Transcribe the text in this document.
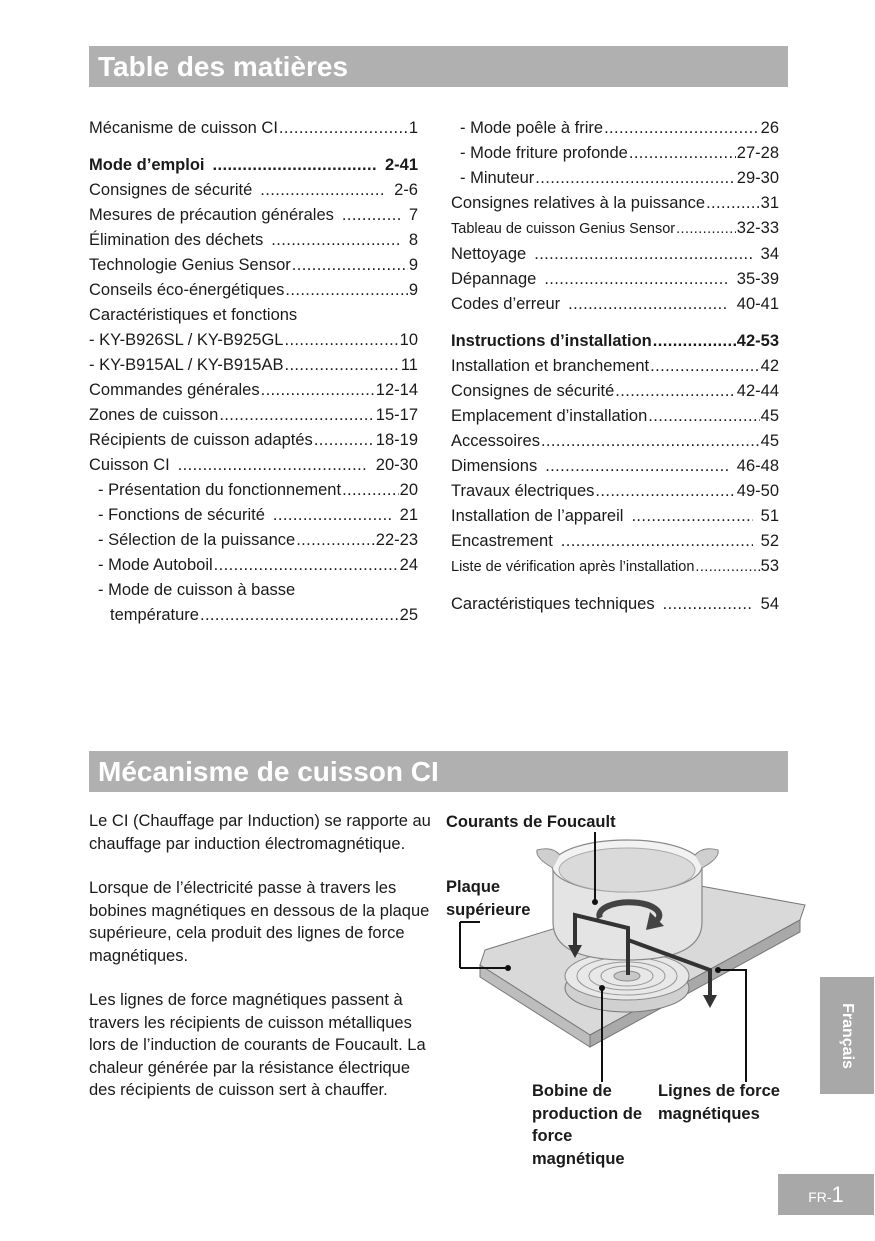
Table des matières
Mécanisme de cuisson CI .....	1
Mode d’emploi .....	2-41
Consignes de sécurité .....	2-6
Mesures de précaution générales .....	7
Élimination des déchets .....	8
Technologie Genius Sensor .....	9
Conseils éco-énergétiques .....	9
Caractéristiques et fonctions
- KY-B926SL / KY-B925GL .....	10
- KY-B915AL / KY-B915AB .....	11
Commandes générales .....	12-14
Zones de cuisson .....	15-17
Récipients de cuisson adaptés .....	18-19
Cuisson CI .....	20-30
- Présentation du fonctionnement .....	20
- Fonctions de sécurité .....	21
- Sélection de la puissance .....	22-23
- Mode Autoboil .....	24
- Mode de cuisson à basse
température .....	25
- Mode poêle à frire .....	26
- Mode friture profonde .....	27-28
- Minuteur .....	29-30
Consignes relatives à la puissance .....	31
Tableau de cuisson Genius Sensor .....	32-33
Nettoyage .....	34
Dépannage .....	35-39
Codes d’erreur .....	40-41
Instructions d’installation .....	42-53
Installation et branchement .....	42
Consignes de sécurité .....	42-44
Emplacement d’installation .....	45
Accessoires .....	45
Dimensions .....	46-48
Travaux électriques .....	49-50
Installation de l’appareil .....	51
Encastrement .....	52
Liste de vérification après l’installation .....	53
Caractéristiques techniques .....	54
Mécanisme de cuisson CI

Le CI (Chauffage par Induction) se rapporte au chauffage par induction électromagnétique.

Lorsque de l’électricité passe à travers les bobines magnétiques en dessous de la plaque supérieure, cela produit des lignes de force magnétiques.

Les lignes de force magnétiques passent à travers les récipients de cuisson métalliques lors de l’induction de courants de Foucault. La chaleur générée par la résistance électrique des récipients de cuisson sert à chauffer.

Courants de Foucault
Plaque supérieure
Bobine de production de force magnétique
Lignes de force magnétiques
Français
FR-1
